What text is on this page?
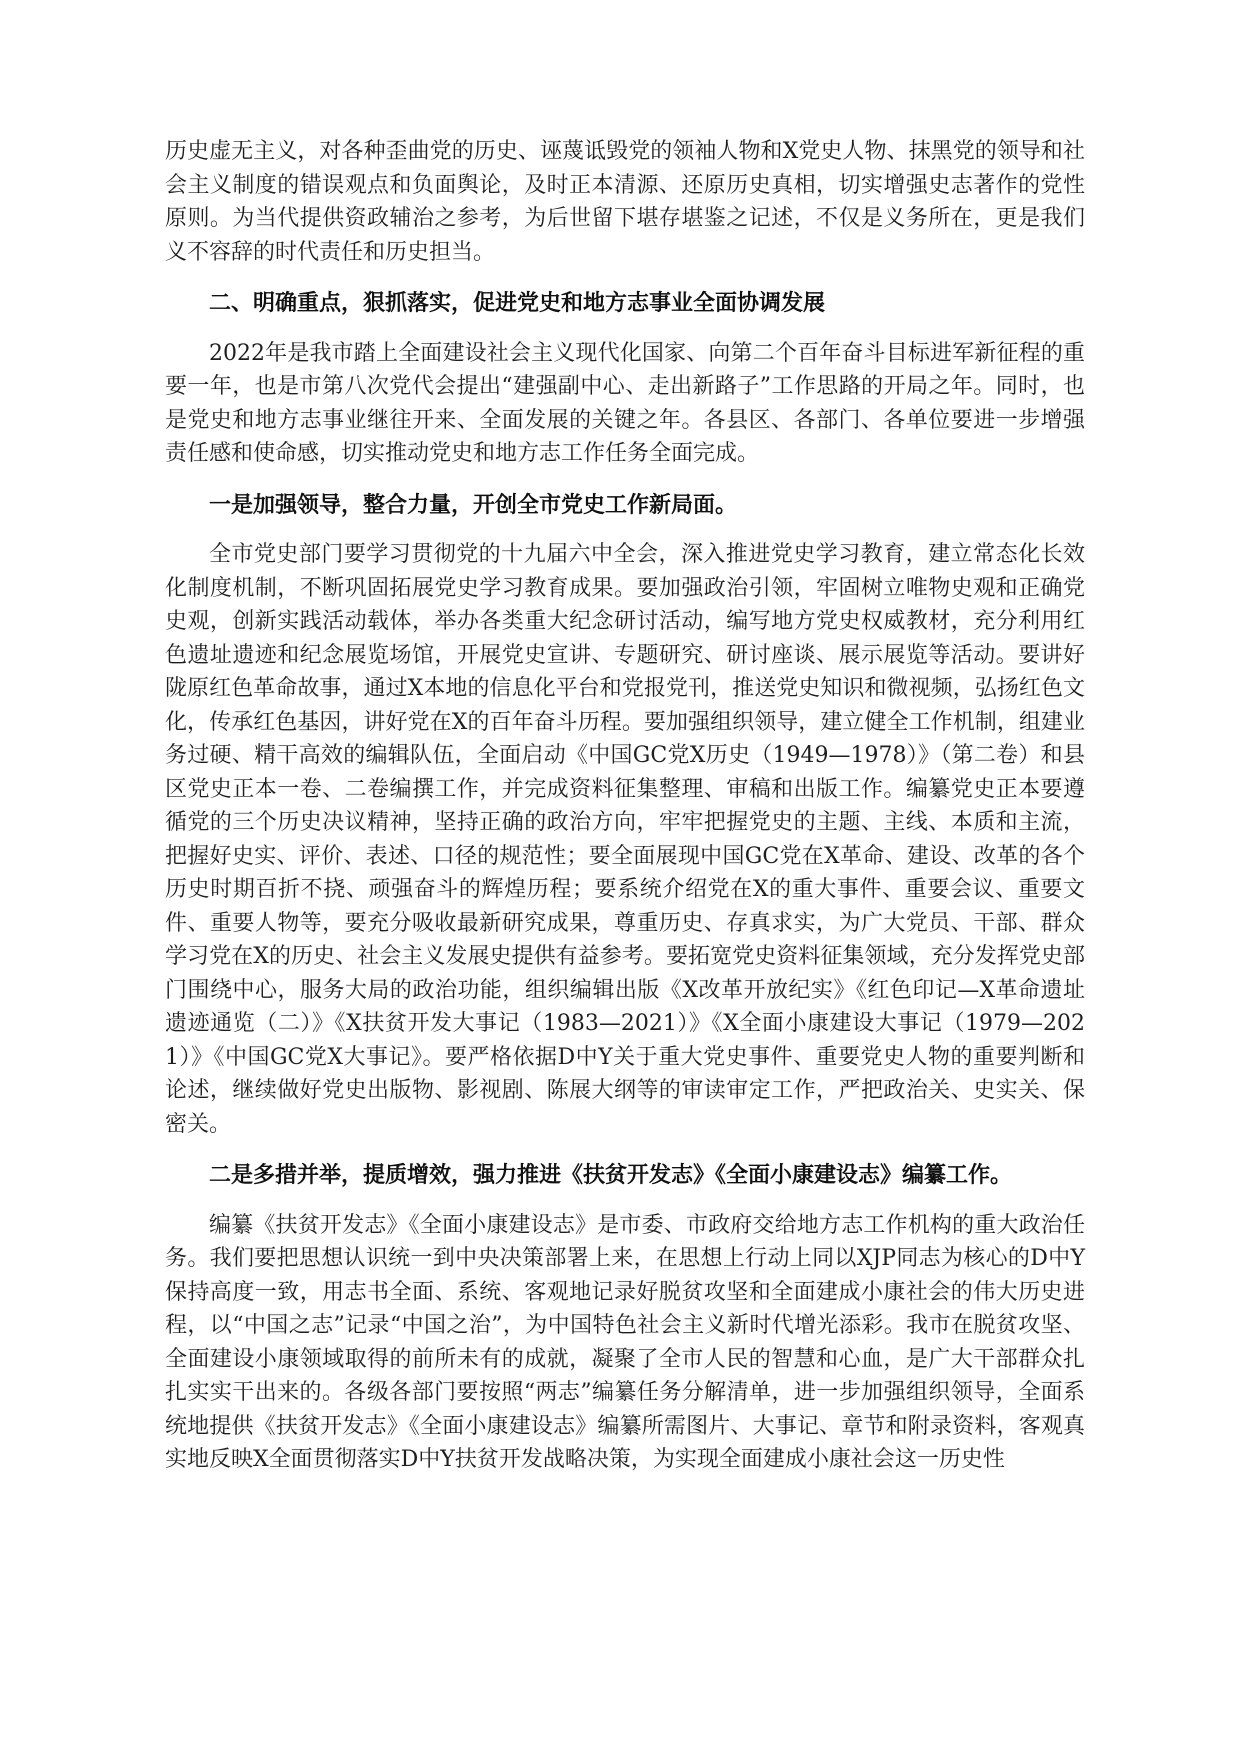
历史虚无主义，对各种歪曲党的历史、诬蔑诋毁党的领袖人物和X党史人物、抹黑党的领导和社会主义制度的错误观点和负面舆论，及时正本清源、还原历史真相，切实增强史志著作的党性原则。为当代提供资政辅治之参考，为后世留下堪存堪鉴之记述，不仅是义务所在，更是我们义不容辞的时代责任和历史担当。

二、明确重点，狠抓落实，促进党史和地方志事业全面协调发展

2022年是我市踏上全面建设社会主义现代化国家、向第二个百年奋斗目标进军新征程的重要一年，也是市第八次党代会提出“建强副中心、走出新路子”工作思路的开局之年。同时，也是党史和地方志事业继往开来、全面发展的关键之年。各县区、各部门、各单位要进一步增强责任感和使命感，切实推动党史和地方志工作任务全面完成。

一是加强领导，整合力量，开创全市党史工作新局面。

全市党史部门要学习贯彻党的十九届六中全会，深入推进党史学习教育，建立常态化长效化制度机制，不断巩固拓展党史学习教育成果。要加强政治引领，牢固树立唯物史观和正确党史观，创新实践活动载体，举办各类重大纪念研讨活动，编写地方党史权威教材，充分利用红色遗址遗迹和纪念展览场馆，开展党史宣讲、专题研究、研讨座谈、展示展览等活动。要讲好陇原红色革命故事，通过X本地的信息化平台和党报党刊，推送党史知识和微视频，弘扬红色文化，传承红色基因，讲好党在X的百年奋斗历程。要加强组织领导，建立健全工作机制，组建业务过硬、精干高效的编辑队伍，全面启动《中国GC党X历史（1949—1978）》（第二卷）和县区党史正本一卷、二卷编撰工作，并完成资料征集整理、审稿和出版工作。编纂党史正本要遵循党的三个历史决议精神，坚持正确的政治方向，牢牢把握党史的主题、主线、本质和主流，把握好史实、评价、表述、口径的规范性；要全面展现中国GC党在X革命、建设、改革的各个历史时期百折不挠、顽强奋斗的辉煌历程；要系统介绍党在X的重大事件、重要会议、重要文件、重要人物等，要充分吸收最新研究成果，尊重历史、存真求实，为广大党员、干部、群众学习党在X的历史、社会主义发展史提供有益参考。要拓宽党史资料征集领域，充分发挥党史部门围绕中心，服务大局的政治功能，组织编辑出版《X改革开放纪实》《红色印记—X革命遗址遗迹通览（二）》《X扶贫开发大事记（1983—2021）》《X全面小康建设大事记（1979—2021）》《中国GC党X大事记》。要严格依据D中Y关于重大党史事件、重要党史人物的重要判断和论述，继续做好党史出版物、影视剧、陈展大纲等的审读审定工作，严把政治关、史实关、保密关。

二是多措并举，提质增效，强力推进《扶贫开发志》《全面小康建设志》编纂工作。

编纂《扶贫开发志》《全面小康建设志》是市委、市政府交给地方志工作机构的重大政治任务。我们要把思想认识统一到中央决策部署上来，在思想上行动上同以XJP同志为核心的D中Y保持高度一致，用志书全面、系统、客观地记录好脱贫攻坚和全面建成小康社会的伟大历史进程，以“中国之志”记录“中国之治”，为中国特色社会主义新时代增光添彩。我市在脱贫攻坚、全面建设小康领域取得的前所未有的成就，凝聚了全市人民的智慧和心血，是广大干部群众扎扎实实干出来的。各级各部门要按照“两志”编纂任务分解清单，进一步加强组织领导，全面系统地提供《扶贫开发志》《全面小康建设志》编纂所需图片、大事记、章节和附录资料，客观真实地反映X全面贯彻落实D中Y扶贫开发战略决策，为实现全面建成小康社会这一历史性
